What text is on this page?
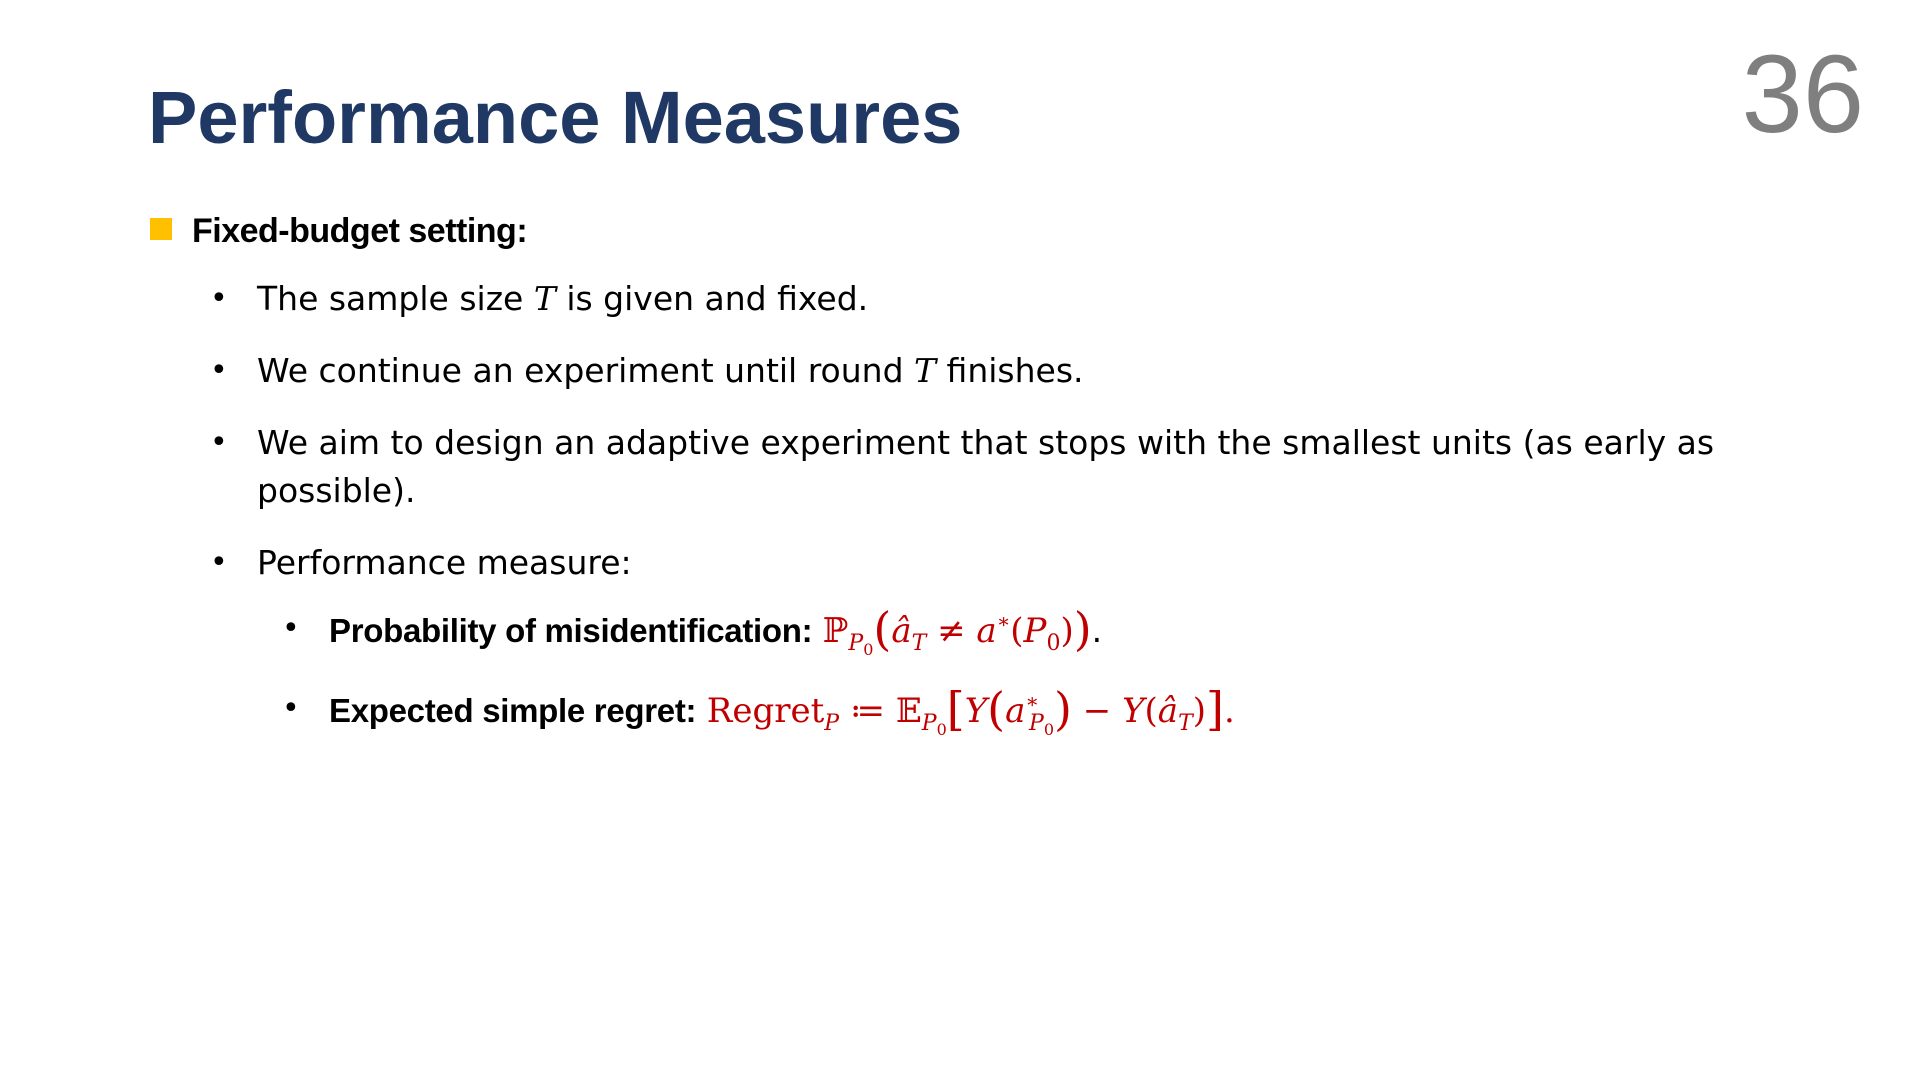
Performance Measures	36
Fixed-budget setting:
• The sample size T is given and fixed.
• We continue an experiment until round T finishes.
• We aim to design an adaptive experiment that stops with the smallest units (as early as possible).
• Performance measure:
• Probability of misidentification: $ℙ_{P_0}(â_T \ne a^∗(P_0))$.
• Expected simple regret: Regret$_P$ ≔ $𝔼_{P_0}[Y(a^∗_{P_0})$ − $Y(â_T)$].
